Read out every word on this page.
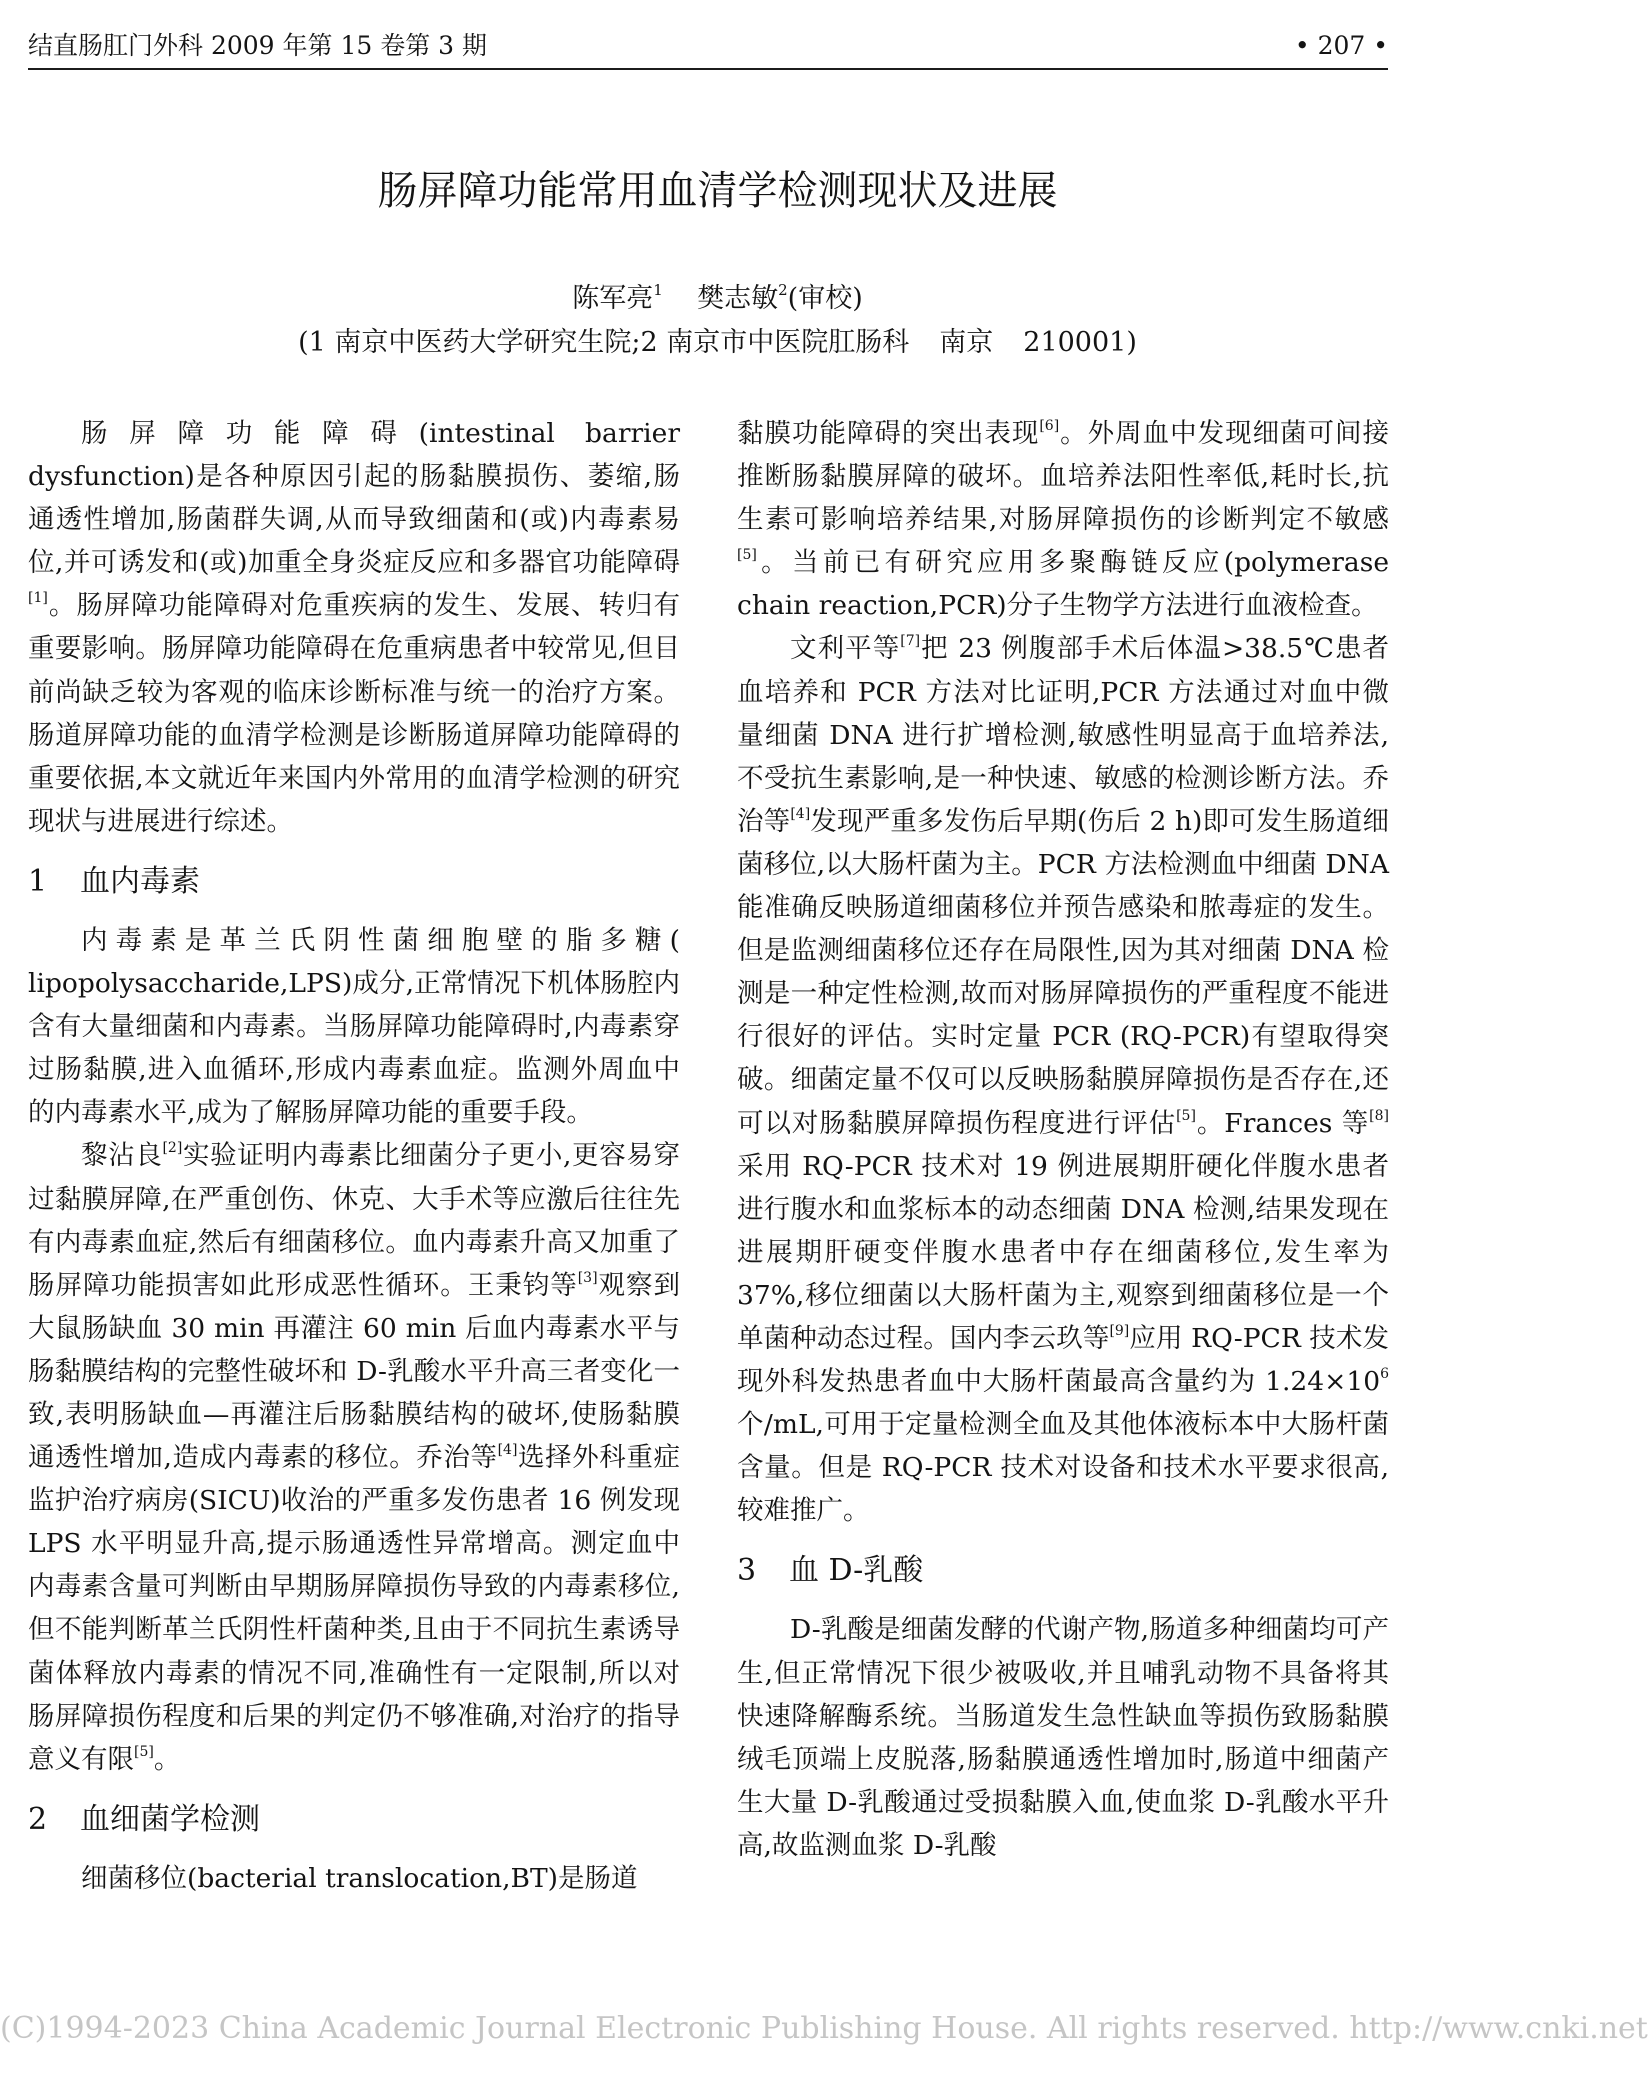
结直肠肛门外科 2009 年第 15 卷第 3 期	• 207 •
肠屏障功能常用血清学检测现状及进展
陈军亮$^1$ 樊志敏$^2$(审校)
(1 南京中医药大学研究生院;2 南京市中医院肛肠科 南京 210001)

肠屏障功能障碍(intestinal barrier dysfunction)是各种原因引起的肠黏膜损伤、萎缩,肠通透性增加,肠菌群失调,从而导致细菌和(或)内毒素易位,并可诱发和(或)加重全身炎症反应和多器官功能障碍[1]。肠屏障功能障碍对危重疾病的发生、发展、转归有重要影响。肠屏障功能障碍在危重病患者中较常见,但目前尚缺乏较为客观的临床诊断标准与统一的治疗方案。肠道屏障功能的血清学检测是诊断肠道屏障功能障碍的重要依据,本文就近年来国内外常用的血清学检测的研究现状与进展进行综述。

1 血内毒素

内毒素是革兰氏阴性菌细胞壁的脂多糖( lipopolysaccharide,LPS)成分,正常情况下机体肠腔内含有大量细菌和内毒素。当肠屏障功能障碍时,内毒素穿过肠黏膜,进入血循环,形成内毒素血症。监测外周血中的内毒素水平,成为了解肠屏障功能的重要手段。

黎沾良[2]实验证明内毒素比细菌分子更小,更容易穿过黏膜屏障,在严重创伤、休克、大手术等应激后往往先有内毒素血症,然后有细菌移位。血内毒素升高又加重了肠屏障功能损害如此形成恶性循环。王秉钧等[3]观察到大鼠肠缺血 30 min 再灌注 60 min 后血内毒素水平与肠黏膜结构的完整性破坏和 D-乳酸水平升高三者变化一致,表明肠缺血—再灌注后肠黏膜结构的破坏,使肠黏膜通透性增加,造成内毒素的移位。乔治等[4]选择外科重症监护治疗病房(SICU)收治的严重多发伤患者 16 例发现 LPS 水平明显升高,提示肠通透性异常增高。测定血中内毒素含量可判断由早期肠屏障损伤导致的内毒素移位,但不能判断革兰氏阴性杆菌种类,且由于不同抗生素诱导菌体释放内毒素的情况不同,准确性有一定限制,所以对肠屏障损伤程度和后果的判定仍不够准确,对治疗的指导意义有限[5]。

2 血细菌学检测

细菌移位(bacterial translocation,BT)是肠道

黏膜功能障碍的突出表现[6]。外周血中发现细菌可间接推断肠黏膜屏障的破坏。血培养法阳性率低,耗时长,抗生素可影响培养结果,对肠屏障损伤的诊断判定不敏感[5]。当前已有研究应用多聚酶链反应(polymerase chain reaction,PCR)分子生物学方法进行血液检查。

文利平等[7]把 23 例腹部手术后体温>38.5℃患者血培养和 PCR 方法对比证明,PCR 方法通过对血中微量细菌 DNA 进行扩增检测,敏感性明显高于血培养法,不受抗生素影响,是一种快速、敏感的检测诊断方法。乔治等[4]发现严重多发伤后早期(伤后 2 h)即可发生肠道细菌移位,以大肠杆菌为主。PCR 方法检测血中细菌 DNA 能准确反映肠道细菌移位并预告感染和脓毒症的发生。但是监测细菌移位还存在局限性,因为其对细菌 DNA 检测是一种定性检测,故而对肠屏障损伤的严重程度不能进行很好的评估。实时定量 PCR (RQ-PCR)有望取得突破。细菌定量不仅可以反映肠黏膜屏障损伤是否存在,还可以对肠黏膜屏障损伤程度进行评估[5]。Frances 等[8]采用 RQ-PCR 技术对 19 例进展期肝硬化伴腹水患者进行腹水和血浆标本的动态细菌 DNA 检测,结果发现在进展期肝硬变伴腹水患者中存在细菌移位,发生率为 37%,移位细菌以大肠杆菌为主,观察到细菌移位是一个单菌种动态过程。国内李云玖等[9]应用 RQ-PCR 技术发现外科发热患者血中大肠杆菌最高含量约为 $1.24\times 10^6$个/mL,可用于定量检测全血及其他体液标本中大肠杆菌含量。但是 RQ-PCR 技术对设备和技术水平要求很高,较难推广。

3 血 D-乳酸

D-乳酸是细菌发酵的代谢产物,肠道多种细菌均可产生,但正常情况下很少被吸收,并且哺乳动物不具备将其快速降解酶系统。当肠道发生急性缺血等损伤致肠黏膜绒毛顶端上皮脱落,肠黏膜通透性增加时,肠道中细菌产生大量 D-乳酸通过受损黏膜入血,使血浆 D-乳酸水平升高,故监测血浆 D-乳酸

(C)1994-2023 China Academic Journal Electronic Publishing House. All rights reserved. http://www.cnki.net
